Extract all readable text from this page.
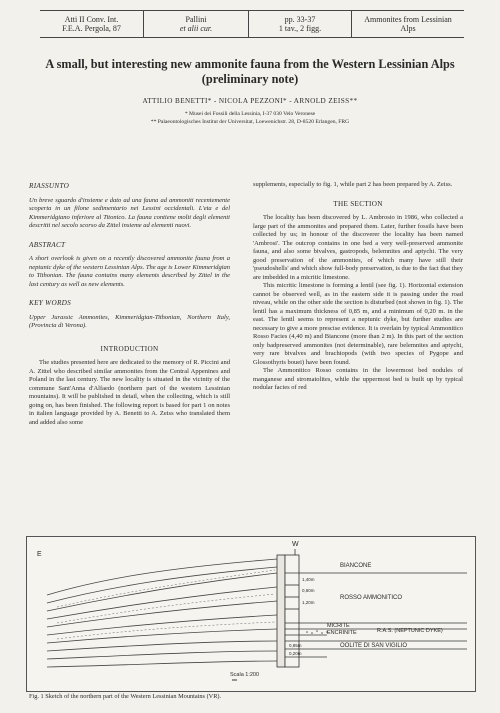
Atti II Conv. Int.
F.E.A. Pergola, 87
Pallini
et alii cur.
pp. 33-37
1 tav., 2 figg.
Ammonites from Lessinian
Alps
A small, but interesting new ammonite fauna from the Western Lessinian Alps
(preliminary note)
ATTILIO BENETTI* - NICOLA PEZZONI* - ARNOLD ZEISS**
* Musei dei Fossili della Lessinia, I-37 030 Velo Veronese
** Palaeontologisches Institut der Universitat, Loewenichstr. 28, D-8520 Erlangen, FRG
RIASSUNTO

Un breve sguardo d'insieme e dato ad una fauna ad ammoniti recentemente scoperta in un filone sedimentario nei Lessini occidentali. L'eta e del Kimmeridgiano inferiore al Titonico. La fauna contiene molti degli elementi descritti nel secolo scorso da Zittel insieme ad elementi nuovi.

ABSTRACT

A short overlook is given on a recently discovered ammonite fauna from a neptunic dyke of the western Lessinian Alps. The age is Lower Kimmeridgian to Tithonian. The fauna contains many elements described by Zittel in the last century as well as new elements.

KEY WORDS

Upper Jurassic Ammonites, Kimmeridgian-Tithonian, Northern Italy, (Provincia di Verona).

INTRODUCTION

The studies presented here are dedicated to the memory of R. Piccini and A. Zittel who described similar ammonites from the Central Appenines and Poland in the last century. The new locality is situated in the vicinity of the commune Sant'Anna d'Alfaedo (northern part of the western Lessinian mountains). It will be published in detail, when the collecting, which is still going on, has been finished. The following report is based for part 1 on notes in italien language provided by A. Benetti to A. Zeiss who translated them and added also some

supplements, especially to fig. 1, while part 2 has been prepared by A. Zeiss.

THE SECTION

The locality has been discovered by L. Ambrosio in 1986, who collected a large part of the ammonites and prepared them. Later, further fossils have been collected by us; in honour of the discoverer the locality has been named 'Ambrosi'. The outcrop contains in one bed a very well-preserved ammonite fauna, and also some bivalves, gastropods, belemnites and aptychi. The very good preservation of the ammonites, of which many have still their 'pseudoshells' and which show full-body preservation, is due to the fact that they are imbedded in a micritic limestone.

This micritic limestone is forming a lentil (see fig. 1). Horizontal extension cannot be observed well, as in the eastern side it is passing under the road niveau, while on the other side the section is disturbed (not shown in fig. 1). The lentil has a maximum thickness of 0,85 m, and a minimum of 0,20 m. in the east. The lentil seems to represent a neptunic dyke, but further studies are necessary to give a more prescise evidence. It is overlain by typical Ammonitico Rosso Facies (4,40 m) and Biancone (more than 2 m). In this part of the section only badpreserved ammonites (not determinable), rare belemnites and aptychi, very rare bivalves and brachiopods (with two species of Pygope and Glossothyris bouei) have been found.

The Ammonitico Rosso contains in the lowermost bed nodules of manganese and stromatolites, while the uppermost bed is built up by typical nodular facies of red

E
W
1,40m
0,60m
1,20m
0,85m
0,20m
BIANCONE
ROSSO AMMONITICO
MICRITE
ENCRINITE	R.A.S. (NEPTUNIC DYKE)
OOLITE DI SAN VIGILIO
Scala 1:200
Fig. 1 Sketch of the northern part of the Western Lessinian Mountains (VR).
